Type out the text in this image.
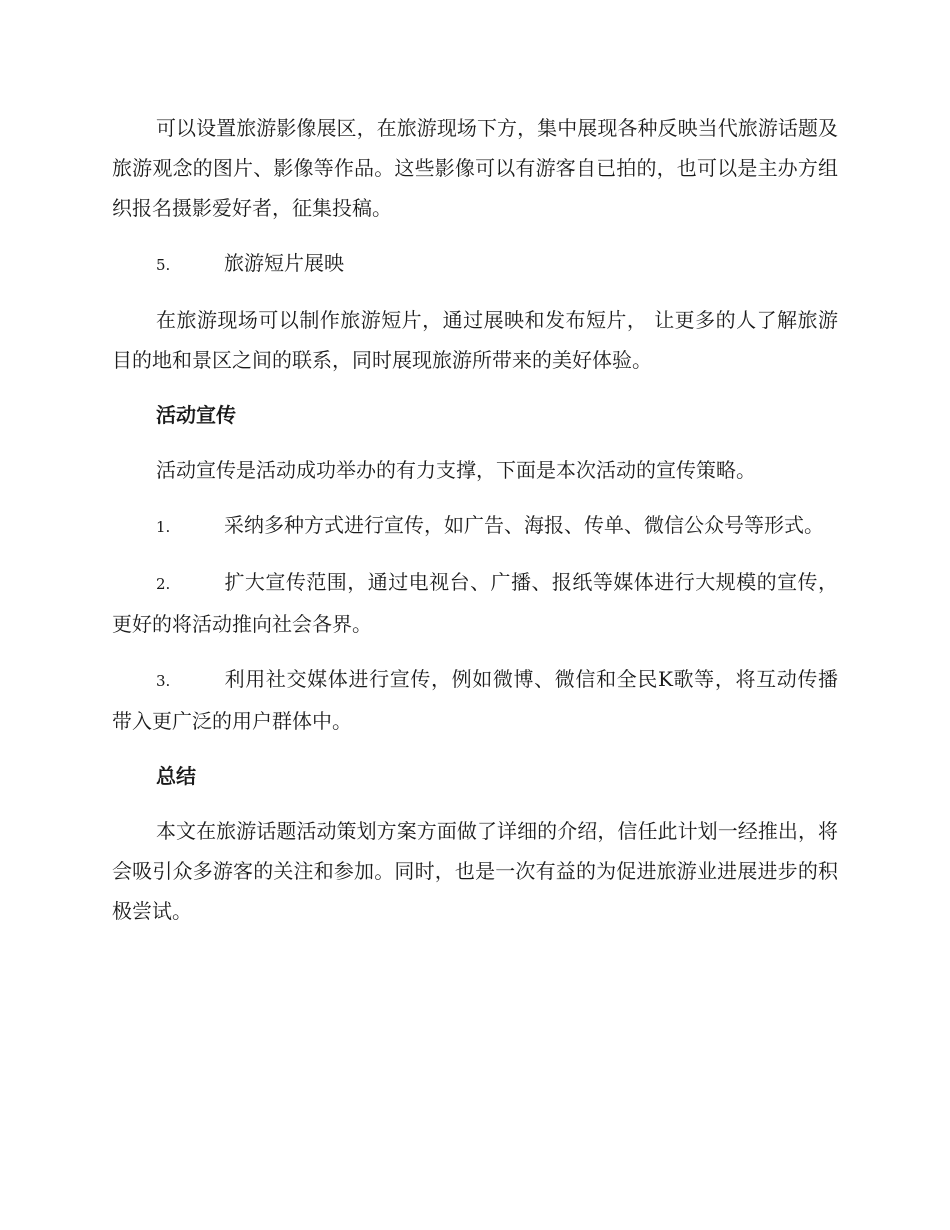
可以设置旅游影像展区，在旅游现场下方，集中展现各种反映当代旅游话题及旅游观念的图片、影像等作品。这些影像可以有游客自已拍的，也可以是主办方组织报名摄影爱好者，征集投稿。

5.	旅游短片展映

在旅游现场可以制作旅游短片，通过展映和发布短片， 让更多的人了解旅游目的地和景区之间的联系，同时展现旅游所带来的美好体验。

活动宣传

活动宣传是活动成功举办的有力支撑，下面是本次活动的宣传策略。

1.	采纳多种方式进行宣传，如广告、海报、传单、微信公众号等形式。

2.	扩大宣传范围，通过电视台、广播、报纸等媒体进行大规模的宣传，更好的将活动推向社会各界。

3.	利用社交媒体进行宣传，例如微博、微信和全民K歌等，将互动传播带入更广泛的用户群体中。

总结

本文在旅游话题活动策划方案方面做了详细的介绍，信任此计划一经推出，将会吸引众多游客的关注和参加。同时，也是一次有益的为促进旅游业进展进步的积极尝试。
